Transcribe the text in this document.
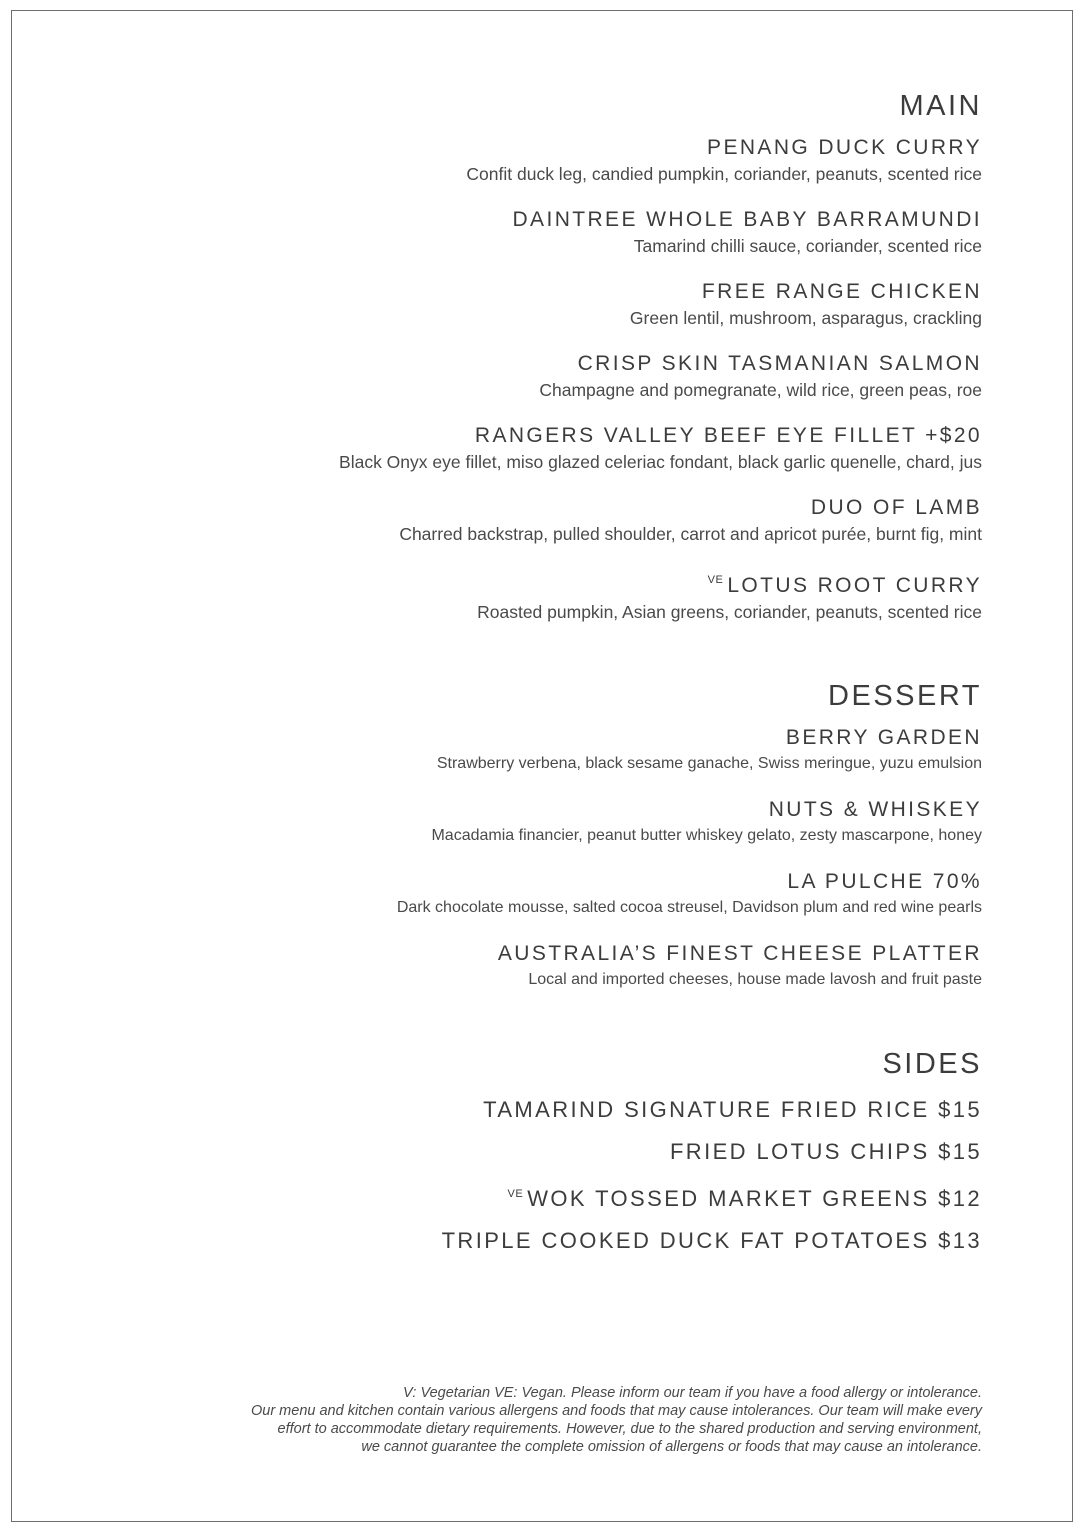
MAIN
PENANG DUCK CURRY
Confit duck leg, candied pumpkin, coriander, peanuts, scented rice
DAINTREE WHOLE BABY BARRAMUNDI
Tamarind chilli sauce, coriander, scented rice
FREE RANGE CHICKEN
Green lentil, mushroom, asparagus, crackling
CRISP SKIN TASMANIAN SALMON
Champagne and pomegranate, wild rice, green peas, roe
RANGERS VALLEY BEEF EYE FILLET +$20
Black Onyx eye fillet, miso glazed celeriac fondant, black garlic quenelle, chard, jus
DUO OF LAMB
Charred backstrap, pulled shoulder, carrot and apricot purée, burnt fig, mint
$^{VE}$ LOTUS ROOT CURRY
Roasted pumpkin, Asian greens, coriander, peanuts, scented rice
DESSERT
BERRY GARDEN
Strawberry verbena, black sesame ganache, Swiss meringue, yuzu emulsion
NUTS & WHISKEY
Macadamia financier, peanut butter whiskey gelato, zesty mascarpone, honey
LA PULCHE 70%
Dark chocolate mousse, salted cocoa streusel, Davidson plum and red wine pearls
AUSTRALIA’S FINEST CHEESE PLATTER
Local and imported cheeses, house made lavosh and fruit paste
SIDES
TAMARIND SIGNATURE FRIED RICE $15
FRIED LOTUS CHIPS $15
$^{VE}$ WOK TOSSED MARKET GREENS $12
TRIPLE COOKED DUCK FAT POTATOES $13
V: Vegetarian VE: Vegan. Please inform our team if you have a food allergy or intolerance.
Our menu and kitchen contain various allergens and foods that may cause intolerances. Our team will make every
effort to accommodate dietary requirements. However, due to the shared production and serving environment,
we cannot guarantee the complete omission of allergens or foods that may cause an intolerance.
